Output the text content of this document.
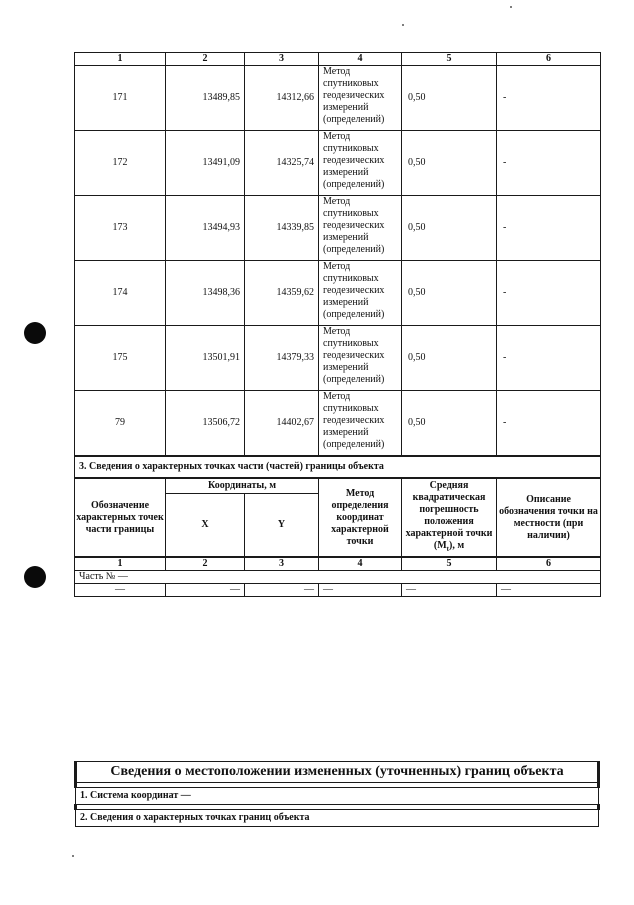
1	2	3	4	5	6
171	13489,85	14312,66	Метод
спутниковых
геодезических
измерений
(определений)	0,50	-
172	13491,09	14325,74	Метод
спутниковых
геодезических
измерений
(определений)	0,50	-
173	13494,93	14339,85	Метод
спутниковых
геодезических
измерений
(определений)	0,50	-
174	13498,36	14359,62	Метод
спутниковых
геодезических
измерений
(определений)	0,50	-
175	13501,91	14379,33	Метод
спутниковых
геодезических
измерений
(определений)	0,50	-
79	13506,72	14402,67	Метод
спутниковых
геодезических
измерений
(определений)	0,50	-
3. Сведения о характерных точках части (частей) границы объекта					
Обозначение характерных точек части границы	Координаты, м		Метод определения координат характерной точки	Средняя квадратическая погрешность положения характерной точки $(M_t)$, м	Описание обозначения точки на местности (при наличии)
	X	Y			
1	2	3	4	5	6
Часть № —					
—	—	—	—	—	—
Сведения о местоположении измененных (уточненных) границ объекта

1. Система координат —

2. Сведения о характерных точках границ объекта
